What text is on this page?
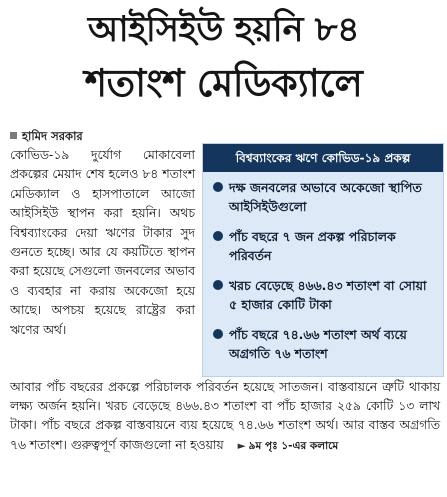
আইসিইউ হয়নি ৮৪
শতাংশ মেডিক্যালে
হামিদ সরকার

কোভিড-১৯ দুর্যোগ মোকাবেলা প্রকল্পের মেয়াদ শেষ হলেও ৮৪ শতাংশ মেডিক্যাল ও হাসপাতালে আজো আইসিইউ স্থাপন করা হয়নি। অথচ বিশ্বব্যাংকের দেয়া ঋণের টাকার সুদ গুনতে হচ্ছে। আর যে কয়টিতে স্থাপন করা হয়েছে সেগুলো জনবলের অভাব ও ব্যবহার না করায় অকেজো হয়ে আছে। অপচয় হয়েছে রাষ্ট্রের করা ঋণের অর্থ।

বিশ্বব্যাংকের ঋণে কোভিড-১৯ প্রকল্প
দক্ষ জনবলের অভাবে অকেজো স্থাপিত আইসিইউগুলো
পাঁচ বছরে ৭ জন প্রকল্প পরিচালক পরিবর্তন
খরচ বেড়েছে ৪৬৬.৪৩ শতাংশ বা সোয়া ৫ হাজার কোটি টাকা
পাঁচ বছরে ৭৪.৬৬ শতাংশ অর্থ ব্যয়ে অগ্রগতি ৭৬ শতাংশ

আবার পাঁচ বছরের প্রকল্পে পরিচালক পরিবর্তন হয়েছে সাতজন। বাস্তবায়নে ত্রুটি থাকায় লক্ষ্য অর্জন হয়নি। খরচ বেড়েছে ৪৬৬.৪৩ শতাংশ বা পাঁচ হাজার ২৫৯ কোটি ১৩ লাখ টাকা। পাঁচ বছরে প্রকল্প বাস্তবায়নে ব্যয় হয়েছে ৭৪.৬৬ শতাংশ অর্থ। আর বাস্তব অগ্রগতি ৭৬ শতাংশ। গুরুত্বপূর্ণ কাজগুলো না হওয়ায় ► ৯ম পৃঃ ১-এর কলামে
